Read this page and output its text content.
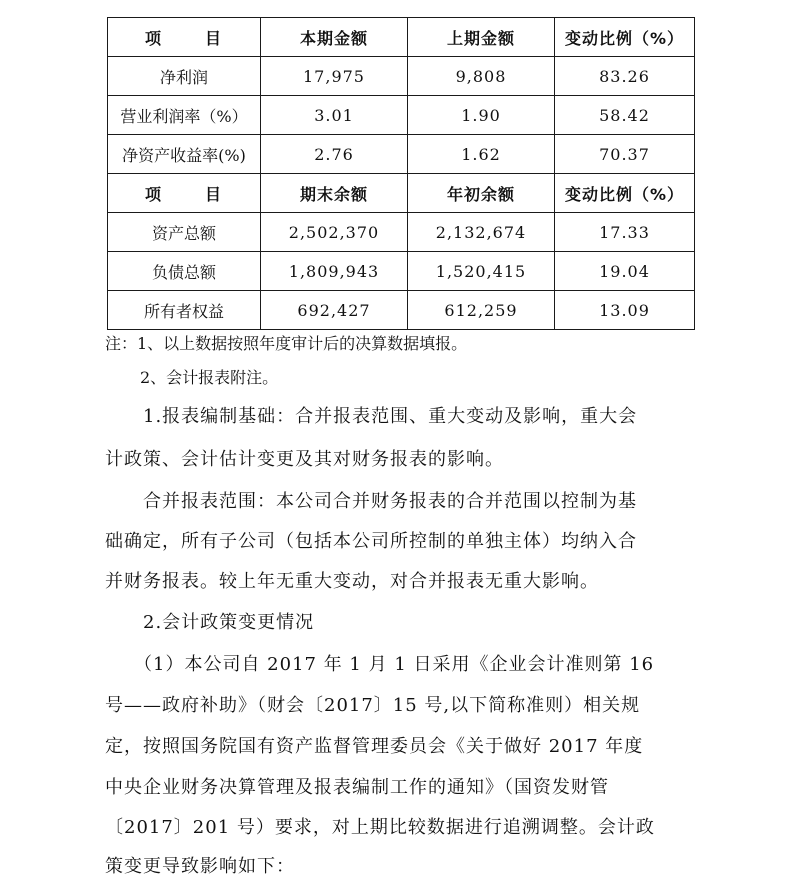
项　目	本期金额	上期金额	变动比例（%）
净利润	17,975	9,808	83.26
营业利润率（%）	3.01	1.90	58.42
净资产收益率(%)	2.76	1.62	70.37
项　目	期末余额	年初余额	变动比例（%）
资产总额	2,502,370	2,132,674	17.33
负债总额	1,809,943	1,520,415	19.04
所有者权益	692,427	612,259	13.09
注：1、以上数据按照年度审计后的决算数据填报。
2、会计报表附注。
　　1.报表编制基础：合并报表范围、重大变动及影响，重大会
计政策、会计估计变更及其对财务报表的影响。
　　合并报表范围：本公司合并财务报表的合并范围以控制为基
础确定，所有子公司（包括本公司所控制的单独主体）均纳入合
并财务报表。较上年无重大变动，对合并报表无重大影响。
　　2.会计政策变更情况
　　（1）本公司自 2017 年 1 月 1 日采用《企业会计准则第 16
号——政府补助》（财会〔2017〕15 号,以下简称准则）相关规
定，按照国务院国有资产监督管理委员会《关于做好 2017 年度
中央企业财务决算管理及报表编制工作的通知》（国资发财管
〔2017〕201 号）要求，对上期比较数据进行追溯调整。会计政
策变更导致影响如下：
